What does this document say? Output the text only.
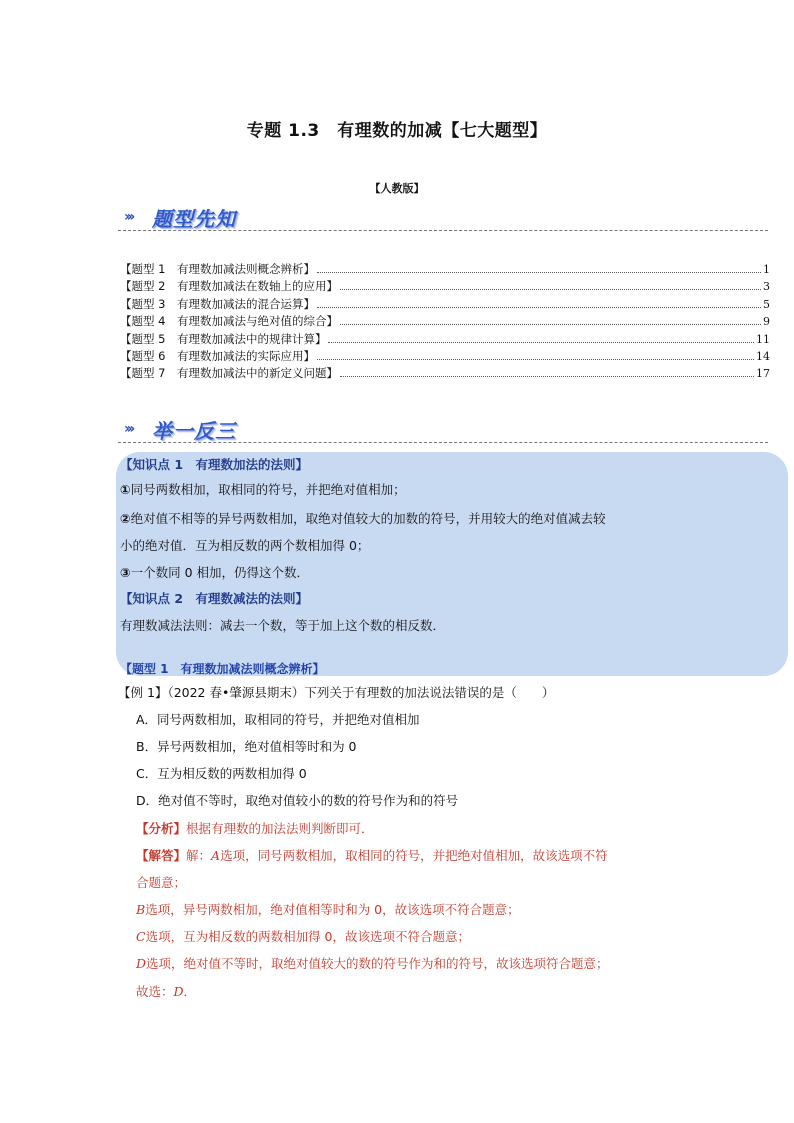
专题 1.3　有理数的加减【七大题型】
【人教版】
››› 题型先知
【题型 1　有理数加减法则概念辨析】	1
【题型 2　有理数加减法在数轴上的应用】	3
【题型 3　有理数加减法的混合运算】	5
【题型 4　有理数加减法与绝对值的综合】	9
【题型 5　有理数加减法中的规律计算】	11
【题型 6　有理数加减法的实际应用】	14
【题型 7　有理数加减法中的新定义问题】	17
››› 举一反三
【知识点 1　有理数加法的法则】
①同号两数相加，取相同的符号，并把绝对值相加；
②绝对值不相等的异号两数相加，取绝对值较大的加数的符号，并用较大的绝对值减去较
小的绝对值．互为相反数的两个数相加得 0；
③一个数同 0 相加，仍得这个数．
【知识点 2　有理数减法的法则】
有理数减法法则：减去一个数，等于加上这个数的相反数．
【题型 1　有理数加减法则概念辨析】
【例 1】（2022 春•肇源县期末）下列关于有理数的加法说法错误的是（　　）
A．同号两数相加，取相同的符号，并把绝对值相加
B．异号两数相加，绝对值相等时和为 0
C．互为相反数的两数相加得 0
D．绝对值不等时，取绝对值较小的数的符号作为和的符号
【分析】根据有理数的加法法则判断即可．
【解答】解：A选项，同号两数相加，取相同的符号，并把绝对值相加，故该选项不符
合题意；
B选项，异号两数相加，绝对值相等时和为 0，故该选项不符合题意；
C选项，互为相反数的两数相加得 0，故该选项不符合题意；
D选项，绝对值不等时，取绝对值较大的数的符号作为和的符号，故该选项符合题意；
故选：D．
